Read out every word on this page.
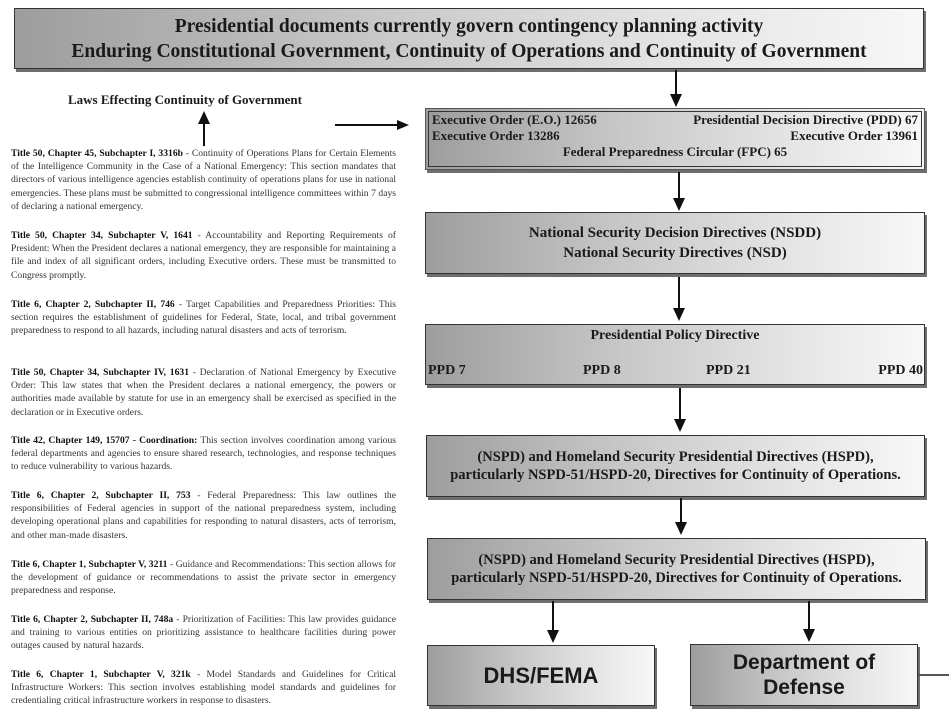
Presidential documents currently govern contingency planning activity
Enduring Constitutional Government, Continuity of Operations and Continuity of Government
Laws Effecting Continuity of Government
Title 50, Chapter 45, Subchapter I, 3316b - Continuity of Operations Plans for Certain Elements of the Intelligence Community in the Case of a National Emergency: This section mandates that directors of various intelligence agencies establish continuity of operations plans for use in national emergencies. These plans must be submitted to congressional intelligence committees within 7 days of declaring a national emergency.
Title 50, Chapter 34, Subchapter V, 1641 - Accountability and Reporting Requirements of President: When the President declares a national emergency, they are responsible for maintaining a file and index of all significant orders, including Executive orders. These must be transmitted to Congress promptly.
Title 6, Chapter 2, Subchapter II, 746 - Target Capabilities and Preparedness Priorities: This section requires the establishment of guidelines for Federal, State, local, and tribal government preparedness to respond to all hazards, including natural disasters and acts of terrorism.
Title 50, Chapter 34, Subchapter IV, 1631 - Declaration of National Emergency by Executive Order: This law states that when the President declares a national emergency, the powers or authorities made available by statute for use in an emergency shall be exercised as specified in the declaration or in Executive orders.
Title 42, Chapter 149, 15707 - Coordination: This section involves coordination among various federal departments and agencies to ensure shared research, technologies, and response techniques to reduce vulnerability to various hazards.
Title 6, Chapter 2, Subchapter II, 753 - Federal Preparedness: This law outlines the responsibilities of Federal agencies in support of the national preparedness system, including developing operational plans and capabilities for responding to natural disasters, acts of terrorism, and other man-made disasters.
Title 6, Chapter 1, Subchapter V, 3211 - Guidance and Recommendations: This section allows for the development of guidance or recommendations to assist the private sector in emergency preparedness and response.
Title 6, Chapter 2, Subchapter II, 748a - Prioritization of Facilities: This law provides guidance and training to various entities on prioritizing assistance to healthcare facilities during power outages caused by natural hazards.
Title 6, Chapter 1, Subchapter V, 321k - Model Standards and Guidelines for Critical Infrastructure Workers: This section involves establishing model standards and guidelines for credentialing critical infrastructure workers in response to disasters.
Executive Order (E.O.) 12656	Presidential Decision Directive (PDD) 67
Executive Order 13286	Executive Order 13961
Federal Preparedness Circular (FPC) 65
National Security Decision Directives (NSDD)
National Security Directives (NSD)
Presidential Policy Directive
PPD 7	PPD 8	PPD 21	PPD 40
(NSPD) and Homeland Security Presidential Directives (HSPD), particularly NSPD-51/HSPD-20, Directives for Continuity of Operations.
(NSPD) and Homeland Security Presidential Directives (HSPD), particularly NSPD-51/HSPD-20, Directives for Continuity of Operations.
DHS/FEMA	Department of
Defense
